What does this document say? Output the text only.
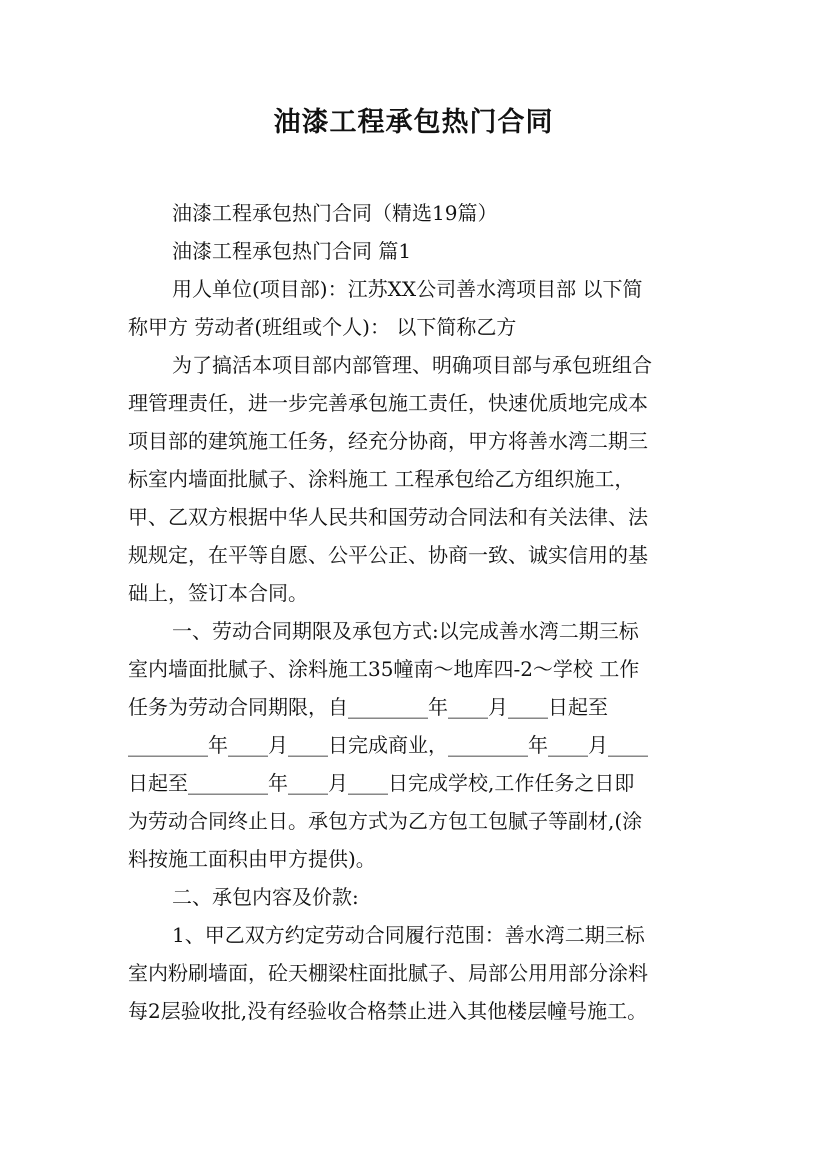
油漆工程承包热门合同
油漆工程承包热门合同（精选19篇）
油漆工程承包热门合同 篇1
用人单位(项目部)：江苏XX公司善水湾项目部 以下简
称甲方 劳动者(班组或个人)： 以下简称乙方
为了搞活本项目部内部管理、明确项目部与承包班组合
理管理责任，进一步完善承包施工责任，快速优质地完成本
项目部的建筑施工任务，经充分协商，甲方将善水湾二期三
标室内墙面批腻子、涂料施工 工程承包给乙方组织施工，
甲、乙双方根据中华人民共和国劳动合同法和有关法律、法
规规定，在平等自愿、公平公正、协商一致、诚实信用的基
础上，签订本合同。
一、劳动合同期限及承包方式:以完成善水湾二期三标
室内墙面批腻子、涂料施工35幢南～地库四-2～学校 工作
任务为劳动合同期限，自________年____月____日起至
________年____月____日完成商业，________年____月____
日起至________年____月____日完成学校,工作任务之日即
为劳动合同终止日。承包方式为乙方包工包腻子等副材,(涂
料按施工面积由甲方提供)。
二、承包内容及价款:
1、甲乙双方约定劳动合同履行范围：善水湾二期三标
室内粉刷墙面，砼天棚梁柱面批腻子、局部公用用部分涂料
每2层验收批,没有经验收合格禁止进入其他楼层幢号施工。
